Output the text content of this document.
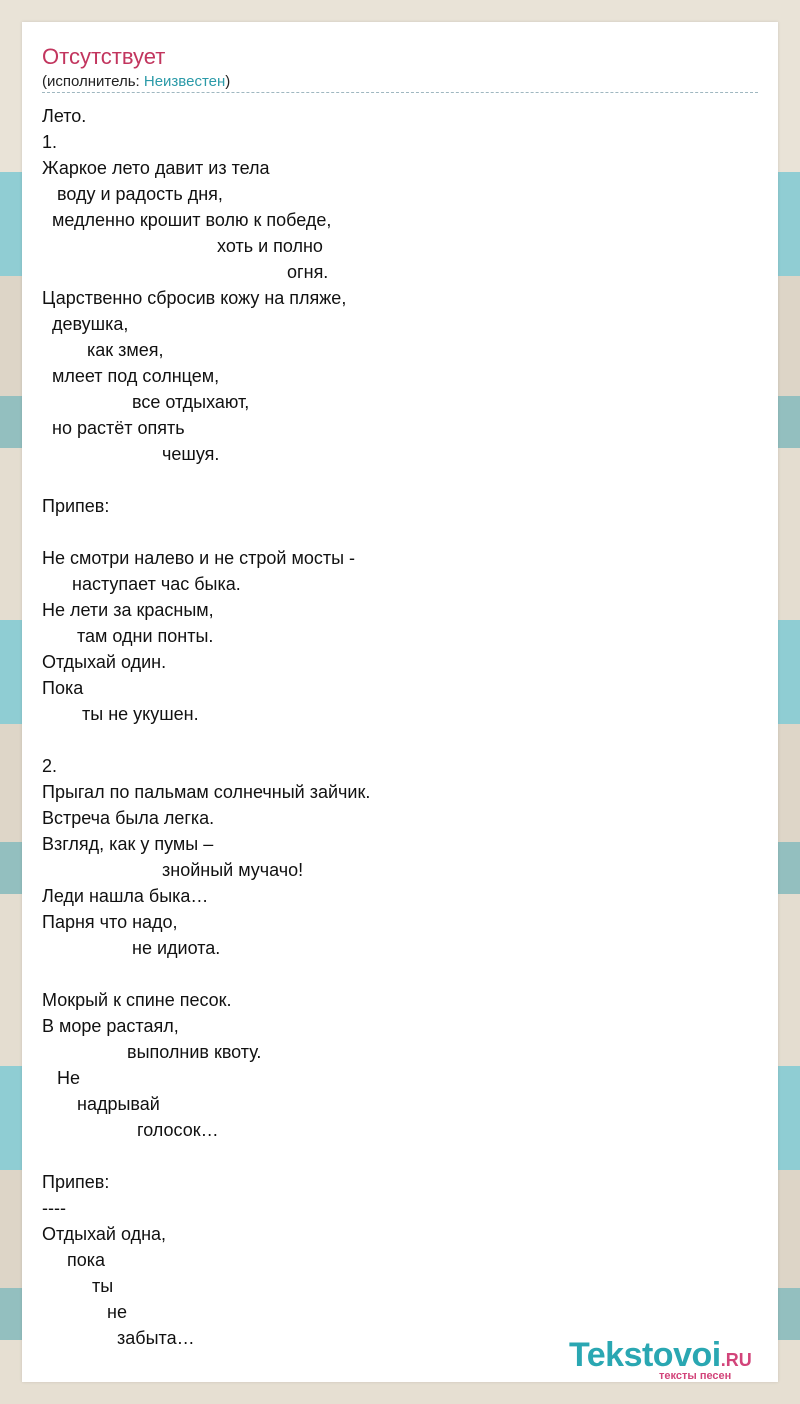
Отсутствует
(исполнитель: Неизвестен)
Лето.
1.
Жаркое лето давит из тела
воду и радость дня,
медленно крошит волю к победе,
хоть и полно
огня.
Царственно сбросив кожу на пляже,
девушка,
как змея,
млеет под солнцем,
все отдыхают,
но растёт опять
чешуя.
Припев:
Не смотри налево и не строй мосты -
наступает час быка.
Не лети за красным,
там одни понты.
Отдыхай один.
Пока
ты не укушен.
2.
Прыгал по пальмам солнечный зайчик.
Встреча была легка.
Взгляд, как у пумы –
знойный мучачо!
Леди нашла быка…
Парня что надо,
не идиота.
Мокрый к спине песок.
В море растаял,
выполнив квоту.
Не
надрывай
голосок…
Припев:
----
Отдыхай одна,
пока
ты
не
забыта…	Tekstovoi.RU
тексты песен
